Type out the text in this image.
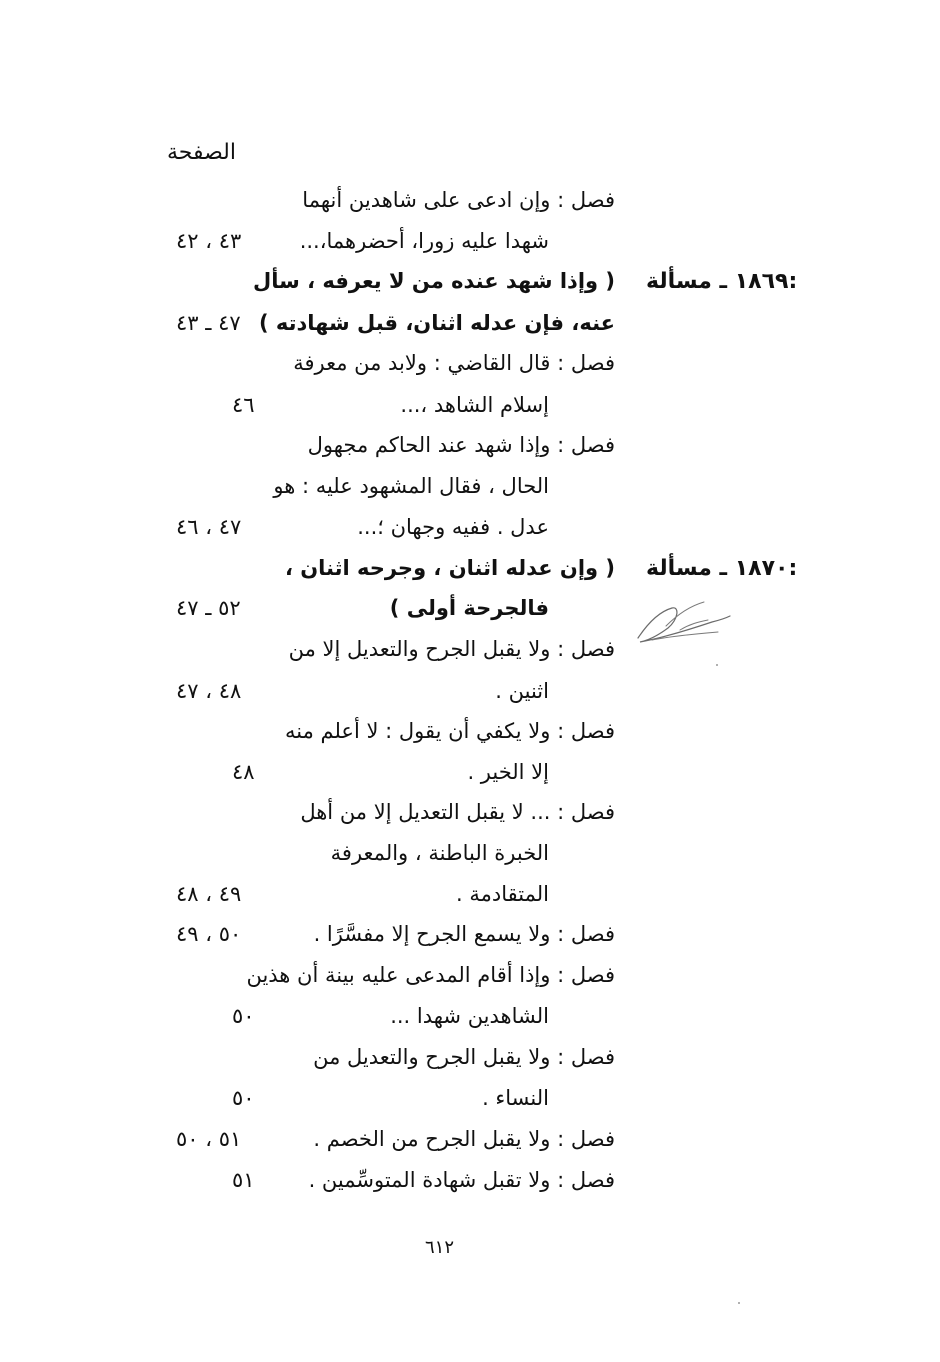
الصفحة
فصل : وإن ادعى على شاهدين أنهما
٤٣ ، ٤٢	شهدا عليه زورا، أحضرهما،...
١٨٦٩ ـ مسألة:
( وإذا شهد عنده من لا يعرفه ، سأل
٤٧ ـ ٤٣ عنه، فإن عدله اثنان، قبل شهادته )
فصل : قال القاضي : ولابد من معرفة
٤٦	إسلام الشاهد ،...
فصل : وإذا شهد عند الحاكم مجهول
الحال ، فقال المشهود عليه : هو
٤٧ ، ٤٦	عدل . ففيه وجهان ؛...
١٨٧٠ ـ مسألة:
( وإن عدله اثنان ، وجرحه اثنان ،
٥٢ ـ ٤٧	فالجرحة أولى )
فصل : ولا يقبل الجرح والتعديل إلا من
٤٨ ، ٤٧	اثنين .
فصل : ولا يكفي أن يقول : لا أعلم منه
٤٨	إلا الخير .
فصل : ... لا يقبل التعديل إلا من أهل
الخبرة الباطنة ، والمعرفة
٤٩ ، ٤٨	المتقادمة .
٥٠ ، ٤٩	فصل : ولا يسمع الجرح إلا مفسَّرًا .
فصل : وإذا أقام المدعى عليه بينة أن هذين
٥٠	الشاهدين شهدا ...
فصل : ولا يقبل الجرح والتعديل من
٥٠	النساء .
٥١ ، ٥٠	فصل : ولا يقبل الجرح من الخصم .
٥١	فصل : ولا تقبل شهادة المتوسِّمين .
٦١٢
